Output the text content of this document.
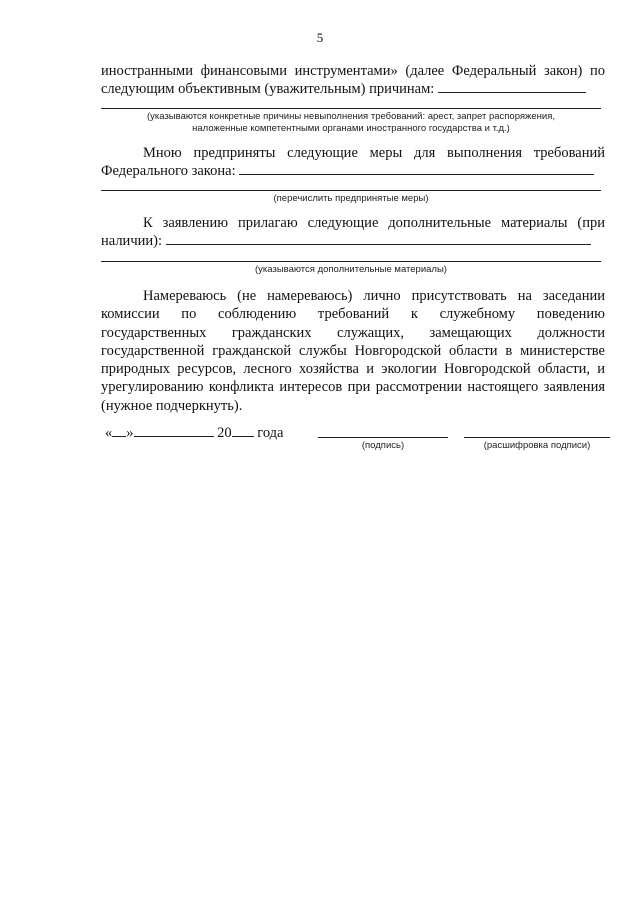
5

иностранными финансовыми инструментами» (далее Федеральный закон) по следующим объективным (уважительным) причинам:

(указываются конкретные причины невыполнения требований: арест, запрет распоряжения,
наложенные компетентными органами иностранного государства и т.д.)

Мною предприняты следующие меры для выполнения требований Федерального закона:

(перечислить предпринятые меры)

К заявлению прилагаю следующие дополнительные материалы (при наличии):

(указываются дополнительные материалы)

Намереваюсь (не намереваюсь) лично присутствовать на заседании комиссии по соблюдению требований к служебному поведению государственных гражданских служащих, замещающих должности государственной гражданской службы Новгородской области в министерстве природных ресурсов, лесного хозяйства и экологии Новгородской области, и урегулированию конфликта интересов при рассмотрении настоящего заявления (нужное подчеркнуть).

« »	20 года
(подпись)	(расшифровка подписи)
